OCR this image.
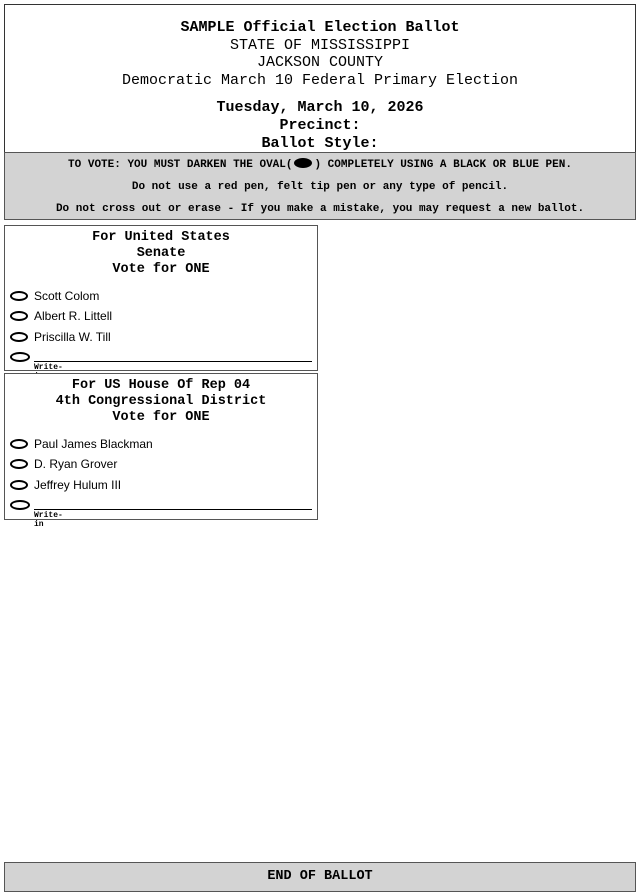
SAMPLE Official Election Ballot
STATE OF MISSISSIPPI
JACKSON COUNTY
Democratic March 10 Federal Primary Election
Tuesday, March 10, 2026
Precinct:
Ballot Style:
TO VOTE: YOU MUST DARKEN THE OVAL( ) COMPLETELY USING A BLACK OR BLUE PEN.
Do not use a red pen, felt tip pen or any type of pencil.
Do not cross out or erase - If you make a mistake, you may request a new ballot.
For United States
Senate
Vote for ONE
Scott Colom
Albert R. Littell
Priscilla W. Till
Write-
For US House Of Rep 04
4th Congressional District
Vote for ONE
Paul James Blackman
D. Ryan Grover
Jeffrey Hulum III
Write-in
END OF BALLOT
